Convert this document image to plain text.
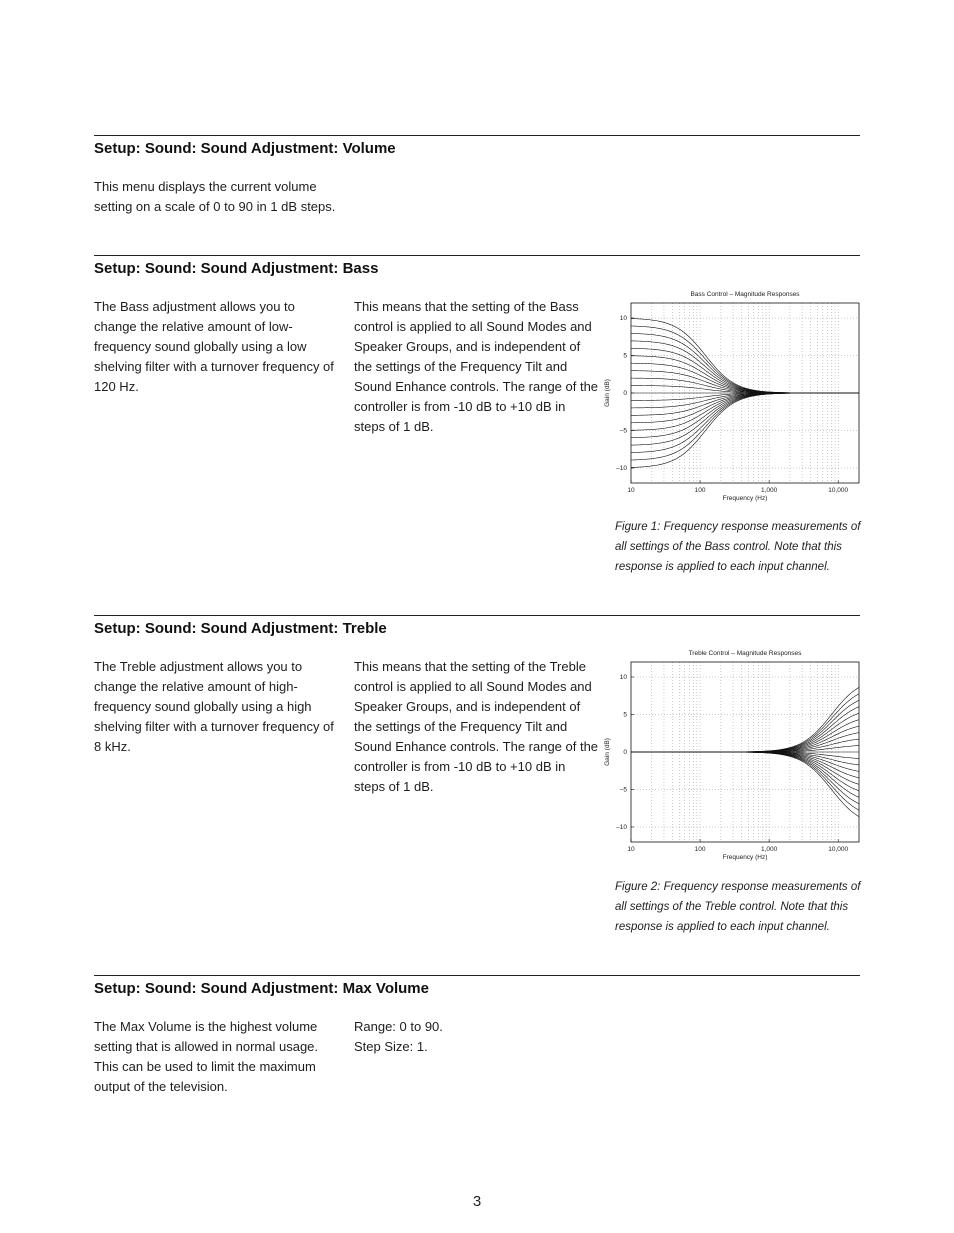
Setup: Sound: Sound Adjustment: Volume

This menu displays the current volume setting on a scale of 0 to 90 in 1 dB steps.

Setup: Sound: Sound Adjustment: Bass

The Bass adjustment allows you to change the relative amount of low-frequency sound globally using a low shelving filter with a turnover frequency of 120 Hz.

This means that the setting of the Bass control is applied to all Sound Modes and Speaker Groups, and is independent of the settings of the Frequency Tilt and Sound Enhance controls. The range of the controller is from -10 dB to +10 dB in steps of 1 dB.

10	100	1,000	10,000
10
5
0
–5
–10
Bass Control – Magnitude Responses
Frequency (Hz)
Gain (dB)
Figure 1: Frequency response measurements of all settings of the Bass control. Note that this response is applied to each input channel.
Setup: Sound: Sound Adjustment: Treble

The Treble adjustment allows you to change the relative amount of high-frequency sound globally using a high shelving filter with a turnover frequency of 8 kHz.

This means that the setting of the Treble control is applied to all Sound Modes and Speaker Groups, and is independent of the settings of the Frequency Tilt and Sound Enhance controls. The range of the controller is from -10 dB to +10 dB in steps of 1 dB.

10	100	1,000	10,000
10
5
0
–5
–10
Treble Control – Magnitude Responses
Frequency (Hz)
Gain (dB)
Figure 2: Frequency response measurements of all settings of the Treble control. Note that this response is applied to each input channel.
Setup: Sound: Sound Adjustment: Max Volume

The Max Volume is the highest volume setting that is allowed in normal usage. This can be used to limit the maximum output of the television.

Range: 0 to 90.

Step Size: 1.

3
